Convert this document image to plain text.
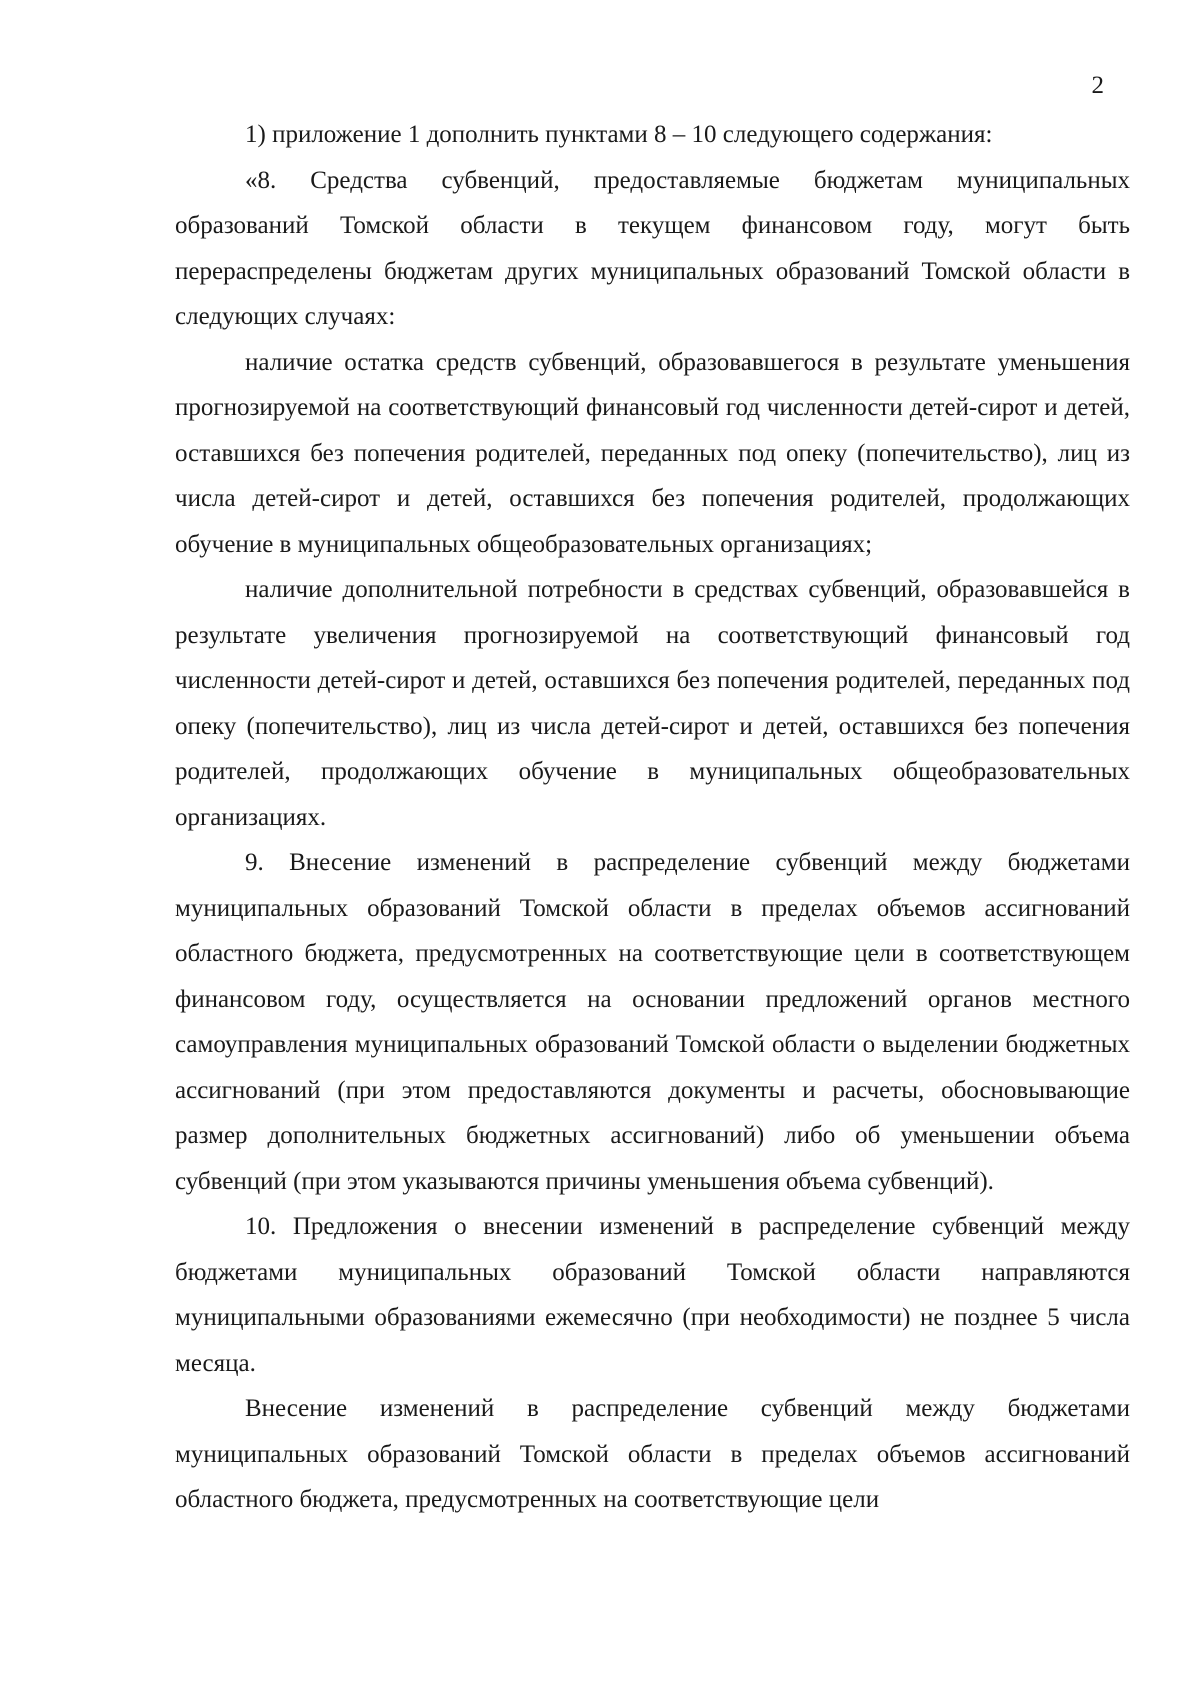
2

1) приложение 1 дополнить пунктами 8 – 10 следующего содержания:

«8. Средства субвенций, предоставляемые бюджетам муниципальных образований Томской области в текущем финансовом году, могут быть перераспределены бюджетам других муниципальных образований Томской области в следующих случаях:

наличие остатка средств субвенций, образовавшегося в результате уменьшения прогнозируемой на соответствующий финансовый год численности детей-сирот и детей, оставшихся без попечения родителей, переданных под опеку (попечительство), лиц из числа детей-сирот и детей, оставшихся без попечения родителей, продолжающих обучение в муниципальных общеобразовательных организациях;

наличие дополнительной потребности в средствах субвенций, образовавшейся в результате увеличения прогнозируемой на соответствующий финансовый год численности детей-сирот и детей, оставшихся без попечения родителей, переданных под опеку (попечительство), лиц из числа детей-сирот и детей, оставшихся без попечения родителей, продолжающих обучение в муниципальных общеобразовательных организациях.

9. Внесение изменений в распределение субвенций между бюджетами муниципальных образований Томской области в пределах объемов ассигнований областного бюджета, предусмотренных на соответствующие цели в соответствующем финансовом году, осуществляется на основании предложений органов местного самоуправления муниципальных образований Томской области о выделении бюджетных ассигнований (при этом предоставляются документы и расчеты, обосновывающие размер дополнительных бюджетных ассигнований) либо об уменьшении объема субвенций (при этом указываются причины уменьшения объема субвенций).

10. Предложения о внесении изменений в распределение субвенций между бюджетами муниципальных образований Томской области направляются муниципальными образованиями ежемесячно (при необходимости) не позднее 5 числа месяца.

Внесение изменений в распределение субвенций между бюджетами муниципальных образований Томской области в пределах объемов ассигнований областного бюджета, предусмотренных на соответствующие цели
